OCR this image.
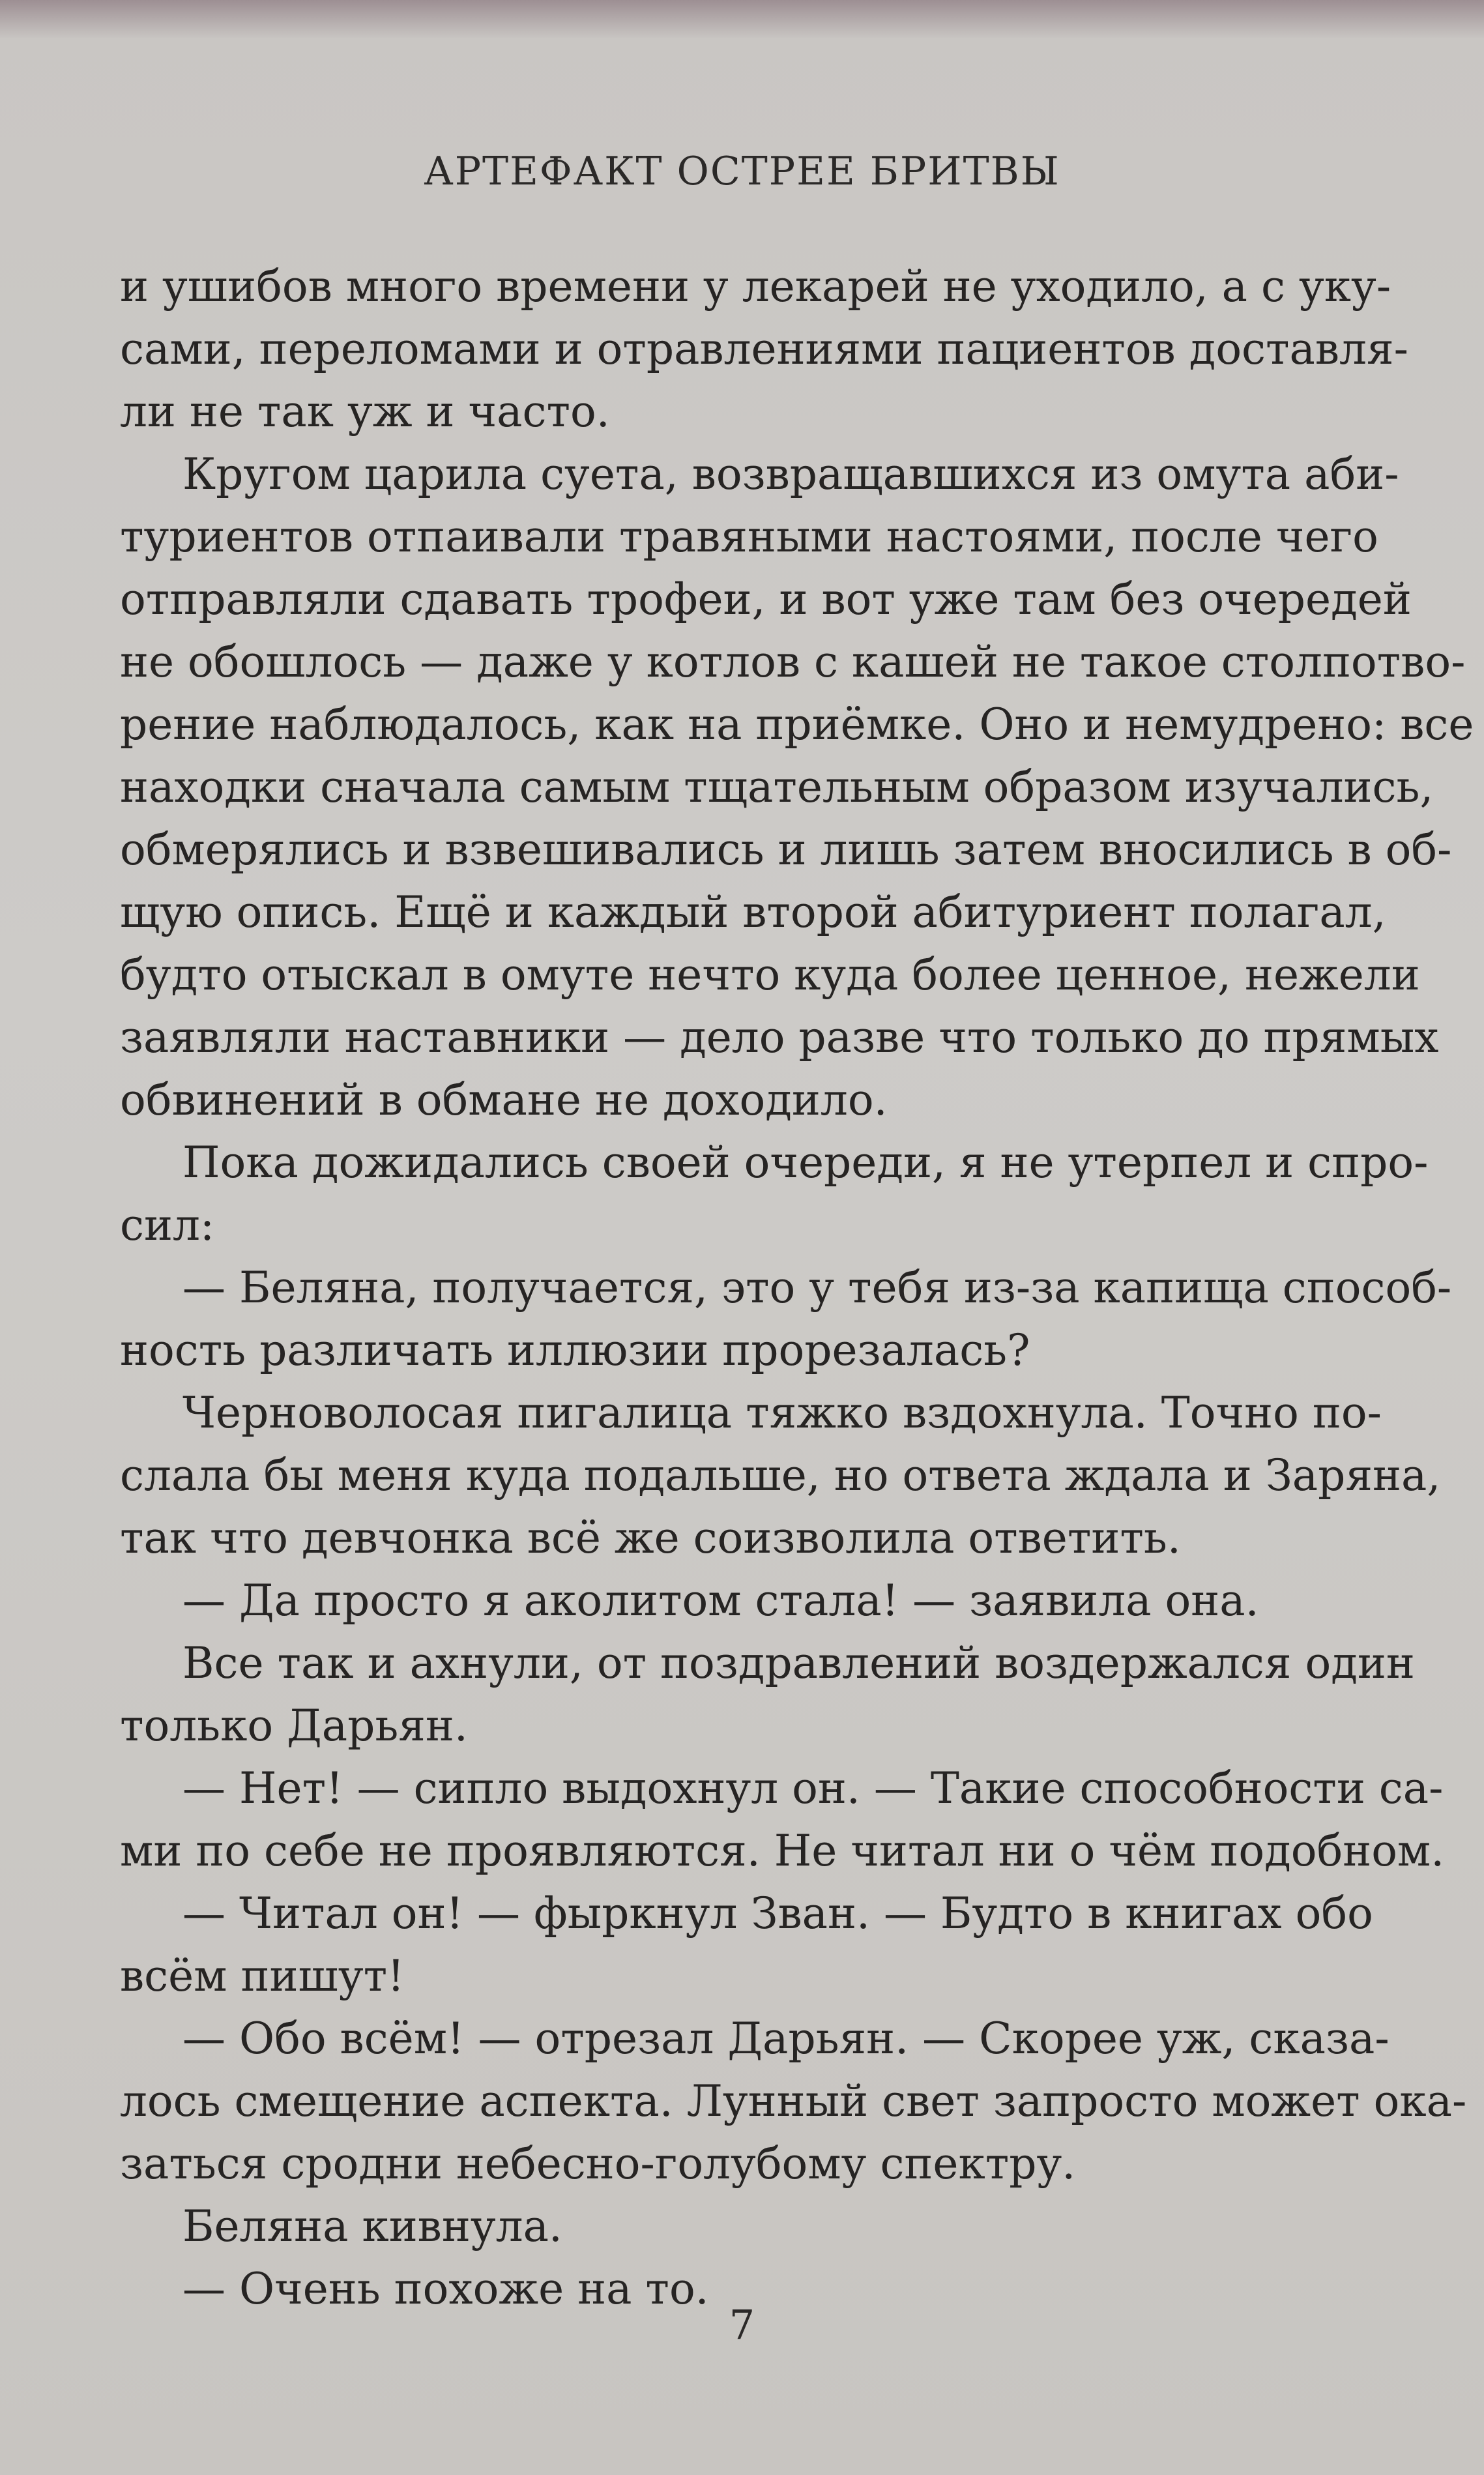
АРТЕФАКТ ОСТРЕЕ БРИТВЫ
и ушибов много времени у лекарей не уходило, а с уку-
сами, переломами и отравлениями пациентов доставля-
ли не так уж и часто.
Кругом царила суета, возвращавшихся из омута аби-
туриентов отпаивали травяными настоями, после чего
отправляли сдавать трофеи, и вот уже там без очередей
не обошлось — даже у котлов с кашей не такое столпотво-
рение наблюдалось, как на приёмке. Оно и немудрено: все
находки сначала самым тщательным образом изучались,
обмерялись и взвешивались и лишь затем вносились в об-
щую опись. Ещё и каждый второй абитуриент полагал,
будто отыскал в омуте нечто куда более ценное, нежели
заявляли наставники — дело разве что только до прямых
обвинений в обмане не доходило.
Пока дожидались своей очереди, я не утерпел и спро-
сил:
— Беляна, получается, это у тебя из-за капища способ-
ность различать иллюзии прорезалась?
Черноволосая пигалица тяжко вздохнула. Точно по-
слала бы меня куда подальше, но ответа ждала и Заряна,
так что девчонка всё же соизволила ответить.
— Да просто я аколитом стала! — заявила она.
Все так и ахнули, от поздравлений воздержался один
только Дарьян.
— Нет! — сипло выдохнул он. — Такие способности са-
ми по себе не проявляются. Не читал ни о чём подобном.
— Читал он! — фыркнул Зван. — Будто в книгах обо
всём пишут!
— Обо всём! — отрезал Дарьян. — Скорее уж, сказа-
лось смещение аспекта. Лунный свет запросто может ока-
заться сродни небесно-голубому спектру.
Беляна кивнула.
— Очень похоже на то.
7
